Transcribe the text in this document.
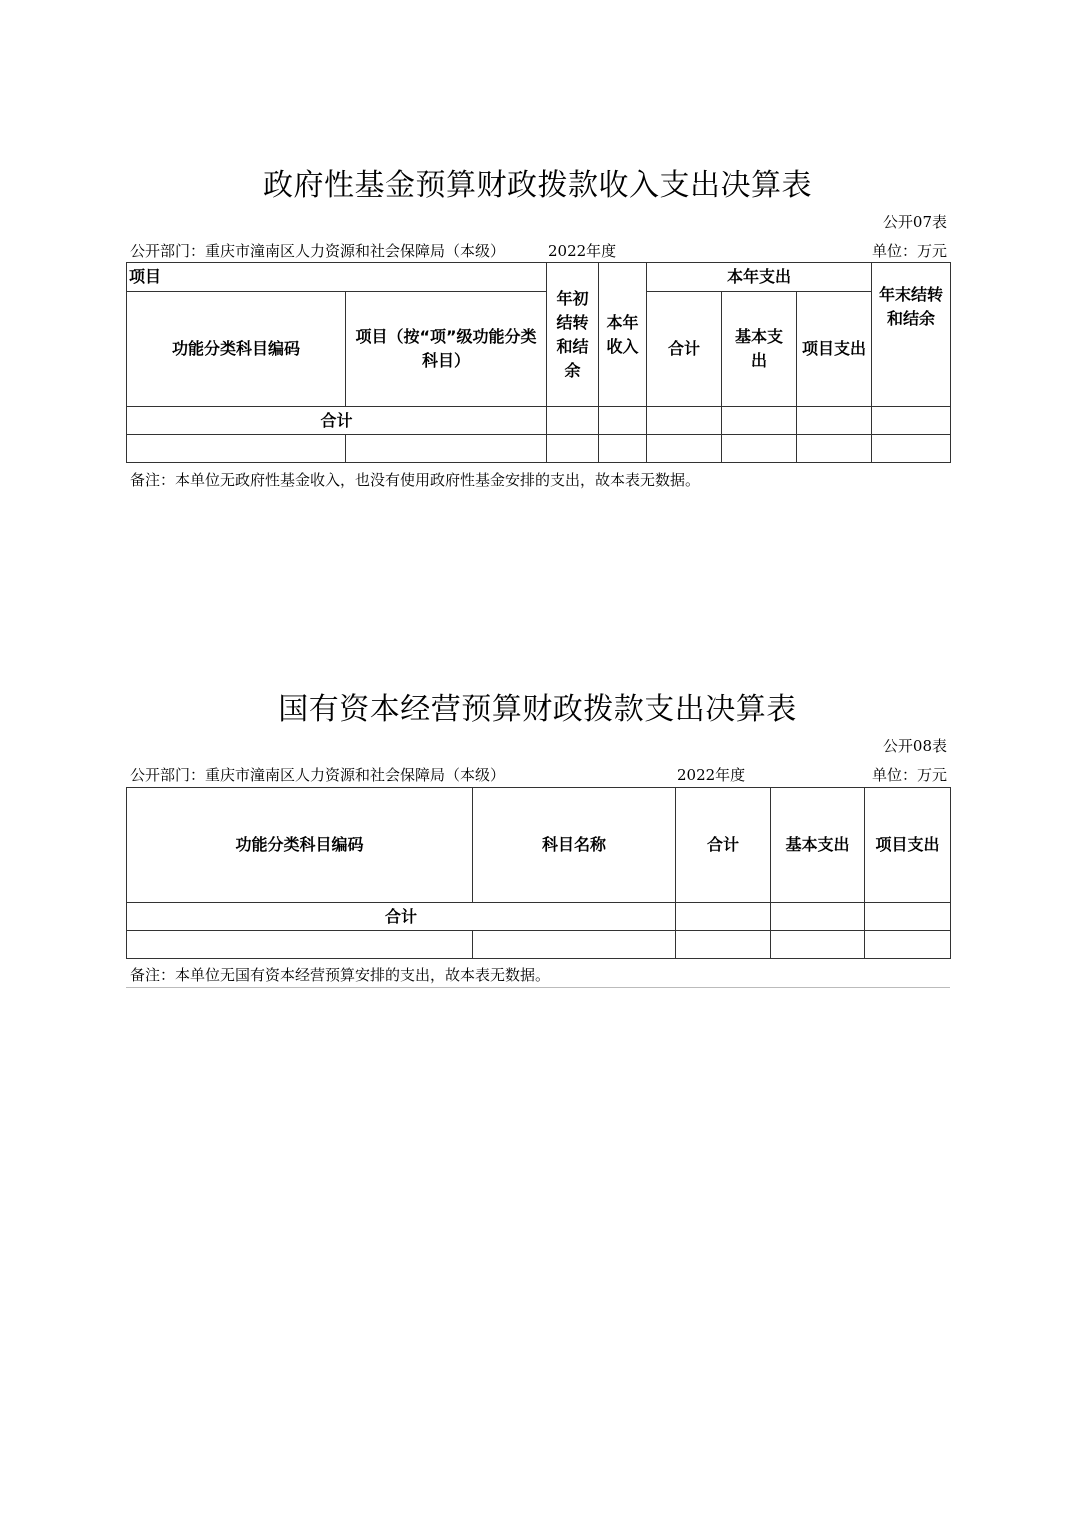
政府性基金预算财政拨款收入支出决算表
公开07表
公开部门：重庆市潼南区人力资源和社会保障局（本级）	2022年度	单位：万元
项目		年初结转和结余	本年收入	本年支出			年末结转和结余
功能分类科目编码	项目（按“项”级功能分类科目）			合计	基本支出	项目支出	
合计							

备注：本单位无政府性基金收入，也没有使用政府性基金安排的支出，故本表无数据。
国有资本经营预算财政拨款支出决算表
公开08表
公开部门：重庆市潼南区人力资源和社会保障局（本级）	2022年度	单位：万元
功能分类科目编码	科目名称	合计	基本支出	项目支出
合计				

备注：本单位无国有资本经营预算安排的支出，故本表无数据。
